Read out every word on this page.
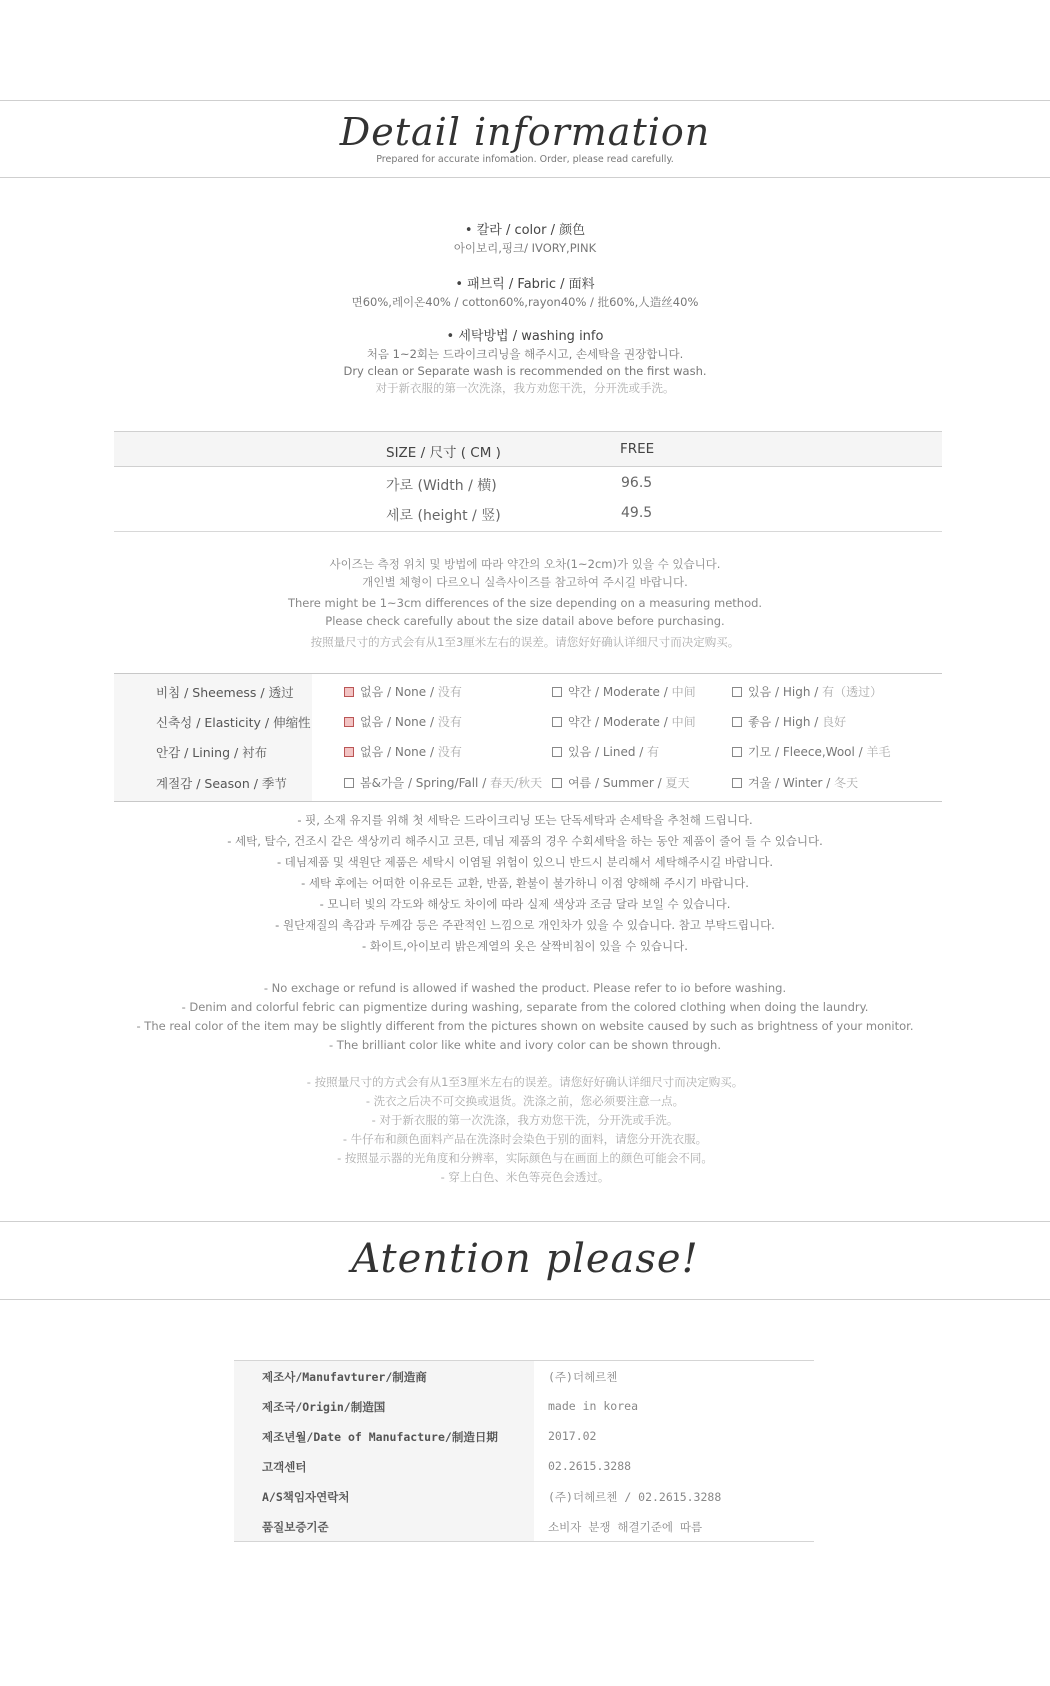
Detail information
Prepared for accurate infomation. Order, please read carefully.

• 칼라 / color / 颜色

아이보리,핑크/ IVORY,PINK

• 패브릭 / Fabric / 面料

면60%,레이온40% / cotton60%,rayon40% / 批60%,人造丝40%

• 세탁방법 / washing info

처음 1~2회는 드라이크리닝을 해주시고, 손세탁을 권장합니다.

Dry clean or Separate wash is recommended on the first wash.

对于新衣服的第一次洗涤，我方劝您干洗，分开洗或手洗。

SIZE / 尺寸 ( CM )	FREE
가로 (Width / 横)	96.5
세로 (height / 竖)	49.5

사이즈는 측정 위치 및 방법에 따라 약간의 오차(1~2cm)가 있을 수 있습니다.

개인별 체형이 다르오니 실측사이즈를 참고하여 주시길 바랍니다.

There might be 1~3cm differences of the size depending on a measuring method.

Please check carefully about the size datail above before purchasing.

按照量尺寸的方式会有从1至3厘米左右的误差。请您好好确认详细尺寸而决定购买。

비침 / Sheemess / 透过	없음 / None / 没有	약간 / Moderate / 中间	있음 / High / 有（透过）
신축성 / Elasticity / 伸缩性	없음 / None / 没有	약간 / Moderate / 中间	좋음 / High / 良好
안감 / Lining / 衬布	없음 / None / 没有	있음 / Lined / 有	기모 / Fleece,Wool / 羊毛
계절감 / Season / 季节	봄&가을 / Spring/Fall / 春天/秋天	여름 / Summer / 夏天	겨울 / Winter / 冬天

- 핏, 소재 유지를 위해 첫 세탁은 드라이크리닝 또는 단독세탁과 손세탁을 추천해 드립니다.

- 세탁, 탈수, 건조시 같은 색상끼리 해주시고 코튼, 데님 제품의 경우 수회세탁을 하는 동안 제품이 줄어 들 수 있습니다.

- 데님제품 및 색원단 제품은 세탁시 이염될 위험이 있으니 반드시 분리해서 세탁해주시길 바랍니다.

- 세탁 후에는 어떠한 이유로든 교환, 반품, 환불이 불가하니 이점 양해해 주시기 바랍니다.

- 모니터 빛의 각도와 해상도 차이에 따라 실제 색상과 조금 달라 보일 수 있습니다.

- 원단재질의 촉감과 두께감 등은 주관적인 느낌으로 개인차가 있을 수 있습니다. 참고 부탁드립니다.

- 화이트,아이보리 밝은계열의 옷은 살짝비침이 있을 수 있습니다.

- No exchage or refund is allowed if washed the product. Please refer to io before washing.

- Denim and colorful febric can pigmentize during washing, separate from the colored clothing when doing the laundry.

- The real color of the item may be slightly different from the pictures shown on website caused by such as brightness of your monitor.

- The brilliant color like white and ivory color can be shown through.

- 按照量尺寸的方式会有从1至3厘米左右的误差。请您好好确认详细尺寸而决定购买。

- 洗衣之后决不可交换或退货。洗涤之前，您必须要注意一点。

- 对于新衣服的第一次洗涤，我方劝您干洗，分开洗或手洗。

- 牛仔布和颜色面料产品在洗涤时会染色于别的面料，请您分开洗衣服。

- 按照显示器的光角度和分辨率，实际颜色与在画面上的颜色可能会不同。

- 穿上白色、米色等亮色会透过。

Atention please!
제조사/Manufavturer/制造商	(주)더헤르첸
제조국/Origin/制造国	made in korea
제조년월/Date of Manufacture/制造日期	2017.02
고객센터	02.2615.3288
A/S책임자연락처	(주)더헤르첸 / 02.2615.3288
품질보증기준	소비자 분쟁 해결기준에 따름
